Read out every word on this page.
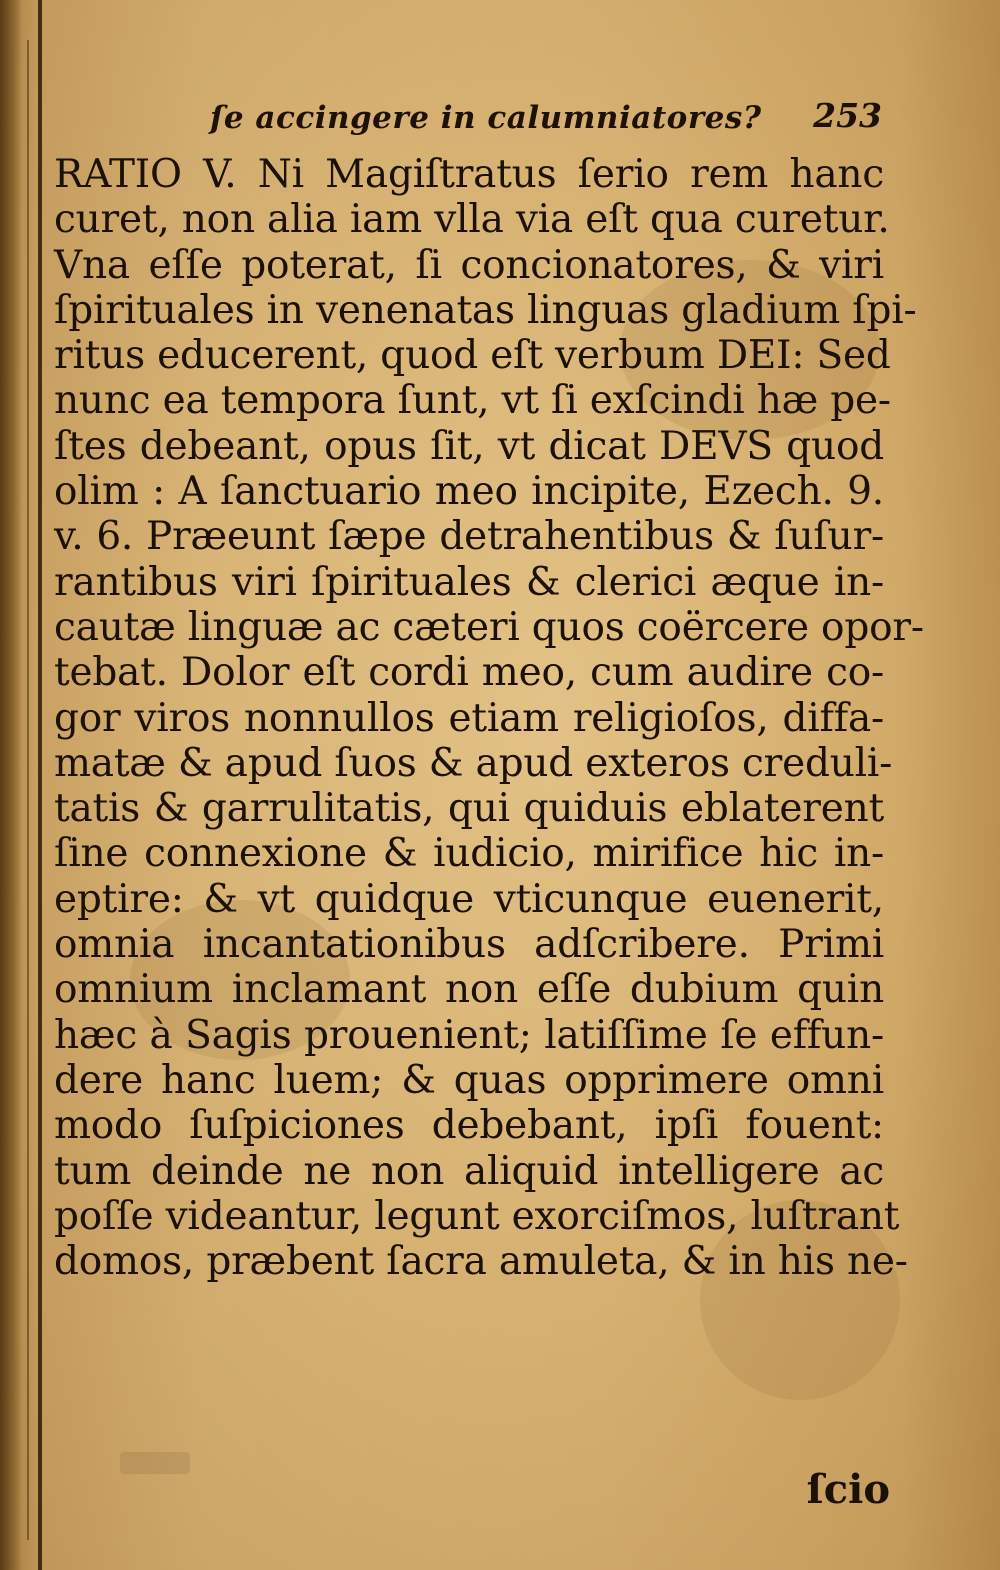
ſe accingere in calumniatores? 253
RATIO V. Ni Magiſtratus ſerio rem hanc
curet, non alia iam vlla via eſt qua curetur.
Vna eſſe poterat, ſi concionatores, & viri
ſpirituales in venenatas linguas gladium ſpi-
ritus educerent, quod eſt verbum DEI: Sed
nunc ea tempora ſunt, vt ſi exſcindi hæ pe-
ſtes debeant, opus ſit, vt dicat DEVS quod
olim : A ſanctuario meo incipite, Ezech. 9.
v. 6. Præeunt ſæpe detrahentibus & ſuſur-
rantibus viri ſpirituales & clerici æque in-
cautæ linguæ ac cæteri quos coërcere opor-
tebat. Dolor eſt cordi meo, cum audire co-
gor viros nonnullos etiam religioſos, diffa-
matæ & apud ſuos & apud exteros creduli-
tatis & garrulitatis, qui quiduis eblaterent
ſine connexione & iudicio, mirifice hic in-
eptire: & vt quidque vticunque euenerit,
omnia incantationibus adſcribere. Primi
omnium inclamant non eſſe dubium quin
hæc à Sagis prouenient; latiſſime ſe effun-
dere hanc luem; & quas opprimere omni
modo ſuſpiciones debebant, ipſi fouent:
tum deinde ne non aliquid intelligere ac
poſſe videantur, legunt exorciſmos, luſtrant
domos, præbent ſacra amuleta, & in his ne-
ſcio
